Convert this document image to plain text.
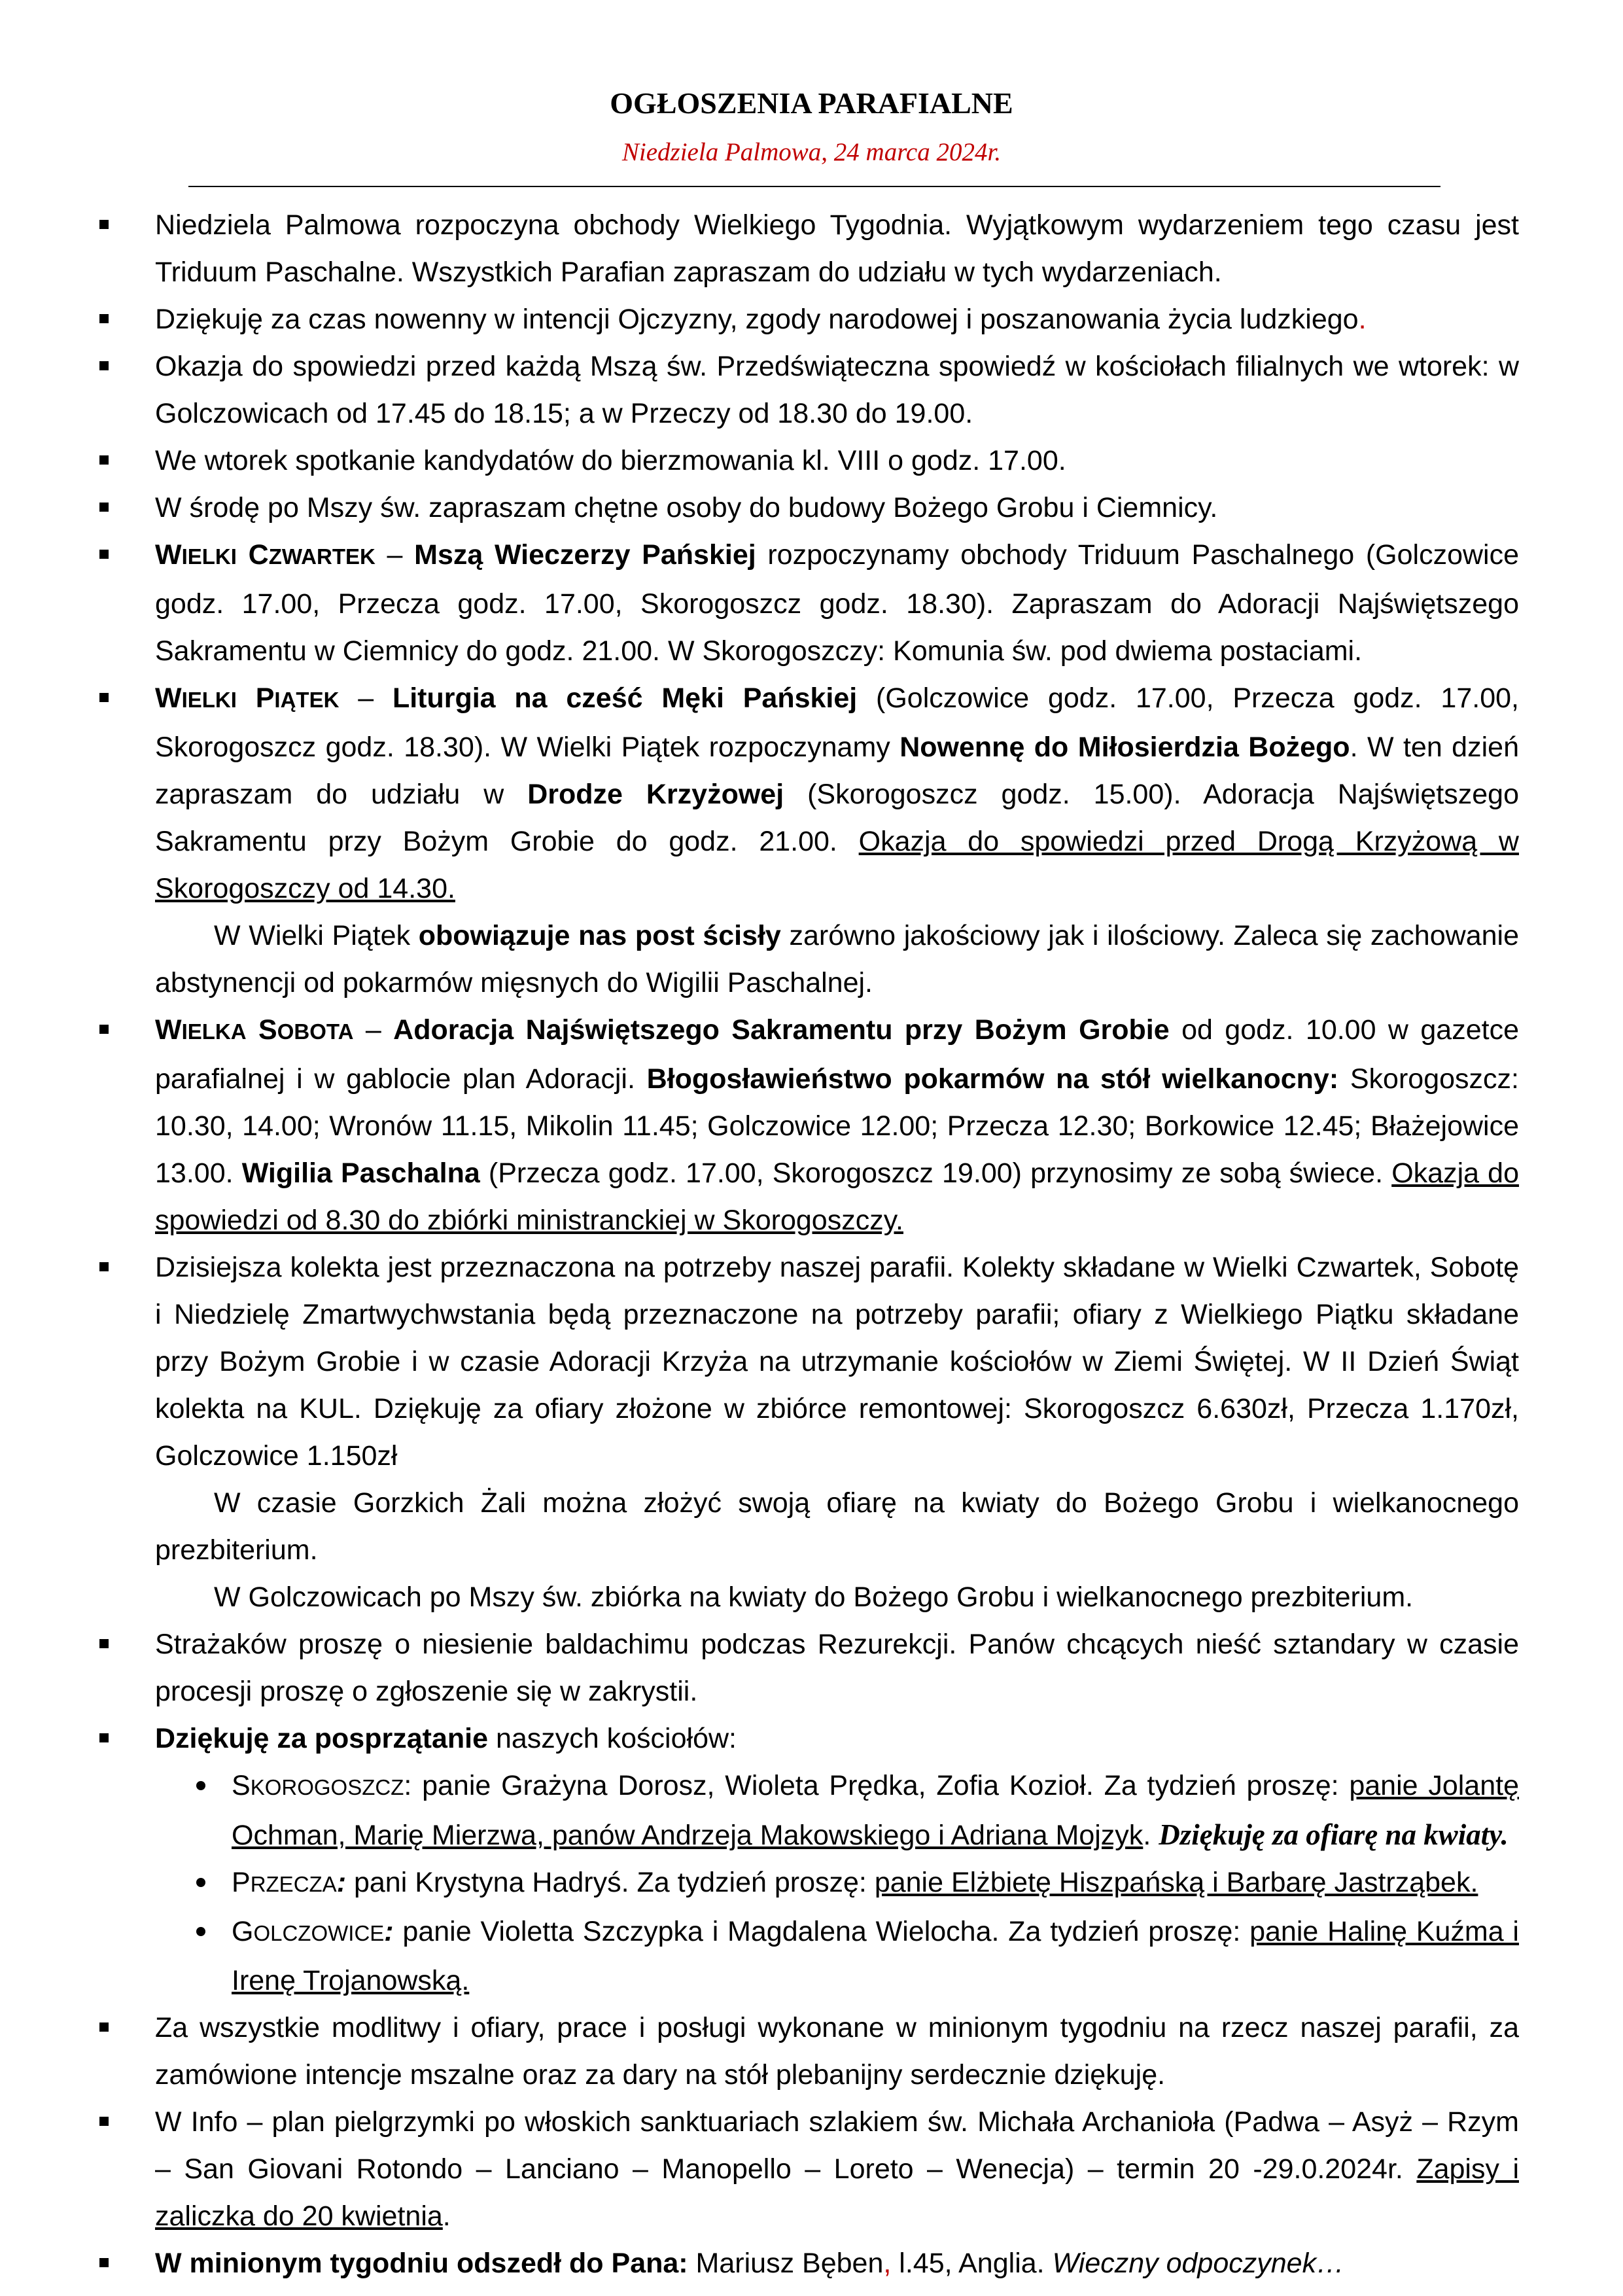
OGŁOSZENIA PARAFIALNE
Niedziela Palmowa, 24 marca 2024r.
Niedziela Palmowa rozpoczyna obchody Wielkiego Tygodnia. Wyjątkowym wydarzeniem tego czasu jest Triduum Paschalne. Wszystkich Parafian zapraszam do udziału w tych wydarzeniach.
Dziękuję za czas nowenny w intencji Ojczyzny, zgody narodowej i poszanowania życia ludzkiego.
Okazja do spowiedzi przed każdą Mszą św. Przedświąteczna spowiedź w kościołach filialnych we wtorek: w Golczowicach od 17.45 do 18.15; a w Przeczy od 18.30 do 19.00.
We wtorek spotkanie kandydatów do bierzmowania kl. VIII o godz. 17.00.
W środę po Mszy św. zapraszam chętne osoby do budowy Bożego Grobu i Ciemnicy.
WIELKI CZWARTEK – Mszą Wieczerzy Pańskiej rozpoczynamy obchody Triduum Paschalnego (Golczowice godz. 17.00, Przecza godz. 17.00, Skorogoszcz godz. 18.30). Zapraszam do Adoracji Najświętszego Sakramentu w Ciemnicy do godz. 21.00. W Skorogoszczy: Komunia św. pod dwiema postaciami.
WIELKI PIĄTEK – Liturgia na cześć Męki Pańskiej (Golczowice godz. 17.00, Przecza godz. 17.00, Skorogoszcz godz. 18.30). W Wielki Piątek rozpoczynamy Nowennę do Miłosierdzia Bożego. W ten dzień zapraszam do udziału w Drodze Krzyżowej (Skorogoszcz godz. 15.00). Adoracja Najświętszego Sakramentu przy Bożym Grobie do godz. 21.00. Okazja do spowiedzi przed Drogą Krzyżową w Skorogoszczy od 14.30.
W Wielki Piątek obowiązuje nas post ścisły zarówno jakościowy jak i ilościowy. Zaleca się zachowanie abstynencji od pokarmów mięsnych do Wigilii Paschalnej.
WIELKA SOBOTA – Adoracja Najświętszego Sakramentu przy Bożym Grobie od godz. 10.00 w gazetce parafialnej i w gablocie plan Adoracji. Błogosławieństwo pokarmów na stół wielkanocny: Skorogoszcz: 10.30, 14.00; Wronów 11.15, Mikolin 11.45; Golczowice 12.00; Przecza 12.30; Borkowice 12.45; Błażejowice 13.00. Wigilia Paschalna (Przecza godz. 17.00, Skorogoszcz 19.00) przynosimy ze sobą świece. Okazja do spowiedzi od 8.30 do zbiórki ministranckiej w Skorogoszczy.
Dzisiejsza kolekta jest przeznaczona na potrzeby naszej parafii. Kolekty składane w Wielki Czwartek, Sobotę i Niedzielę Zmartwychwstania będą przeznaczone na potrzeby parafii; ofiary z Wielkiego Piątku składane przy Bożym Grobie i w czasie Adoracji Krzyża na utrzymanie kościołów w Ziemi Świętej. W II Dzień Świąt kolekta na KUL. Dziękuję za ofiary złożone w zbiórce remontowej: Skorogoszcz 6.630zł, Przecza 1.170zł, Golczowice 1.150zł
W czasie Gorzkich Żali można złożyć swoją ofiarę na kwiaty do Bożego Grobu i wielkanocnego prezbiterium.
W Golczowicach po Mszy św. zbiórka na kwiaty do Bożego Grobu i wielkanocnego prezbiterium.
Strażaków proszę o niesienie baldachimu podczas Rezurekcji. Panów chcących nieść sztandary w czasie procesji proszę o zgłoszenie się w zakrystii.
Dziękuję za posprzątanie naszych kościołów:
SKOROGOSZCZ: panie Grażyna Dorosz, Wioleta Prędka, Zofia Kozioł. Za tydzień proszę: panie Jolantę Ochman, Marię Mierzwa, panów Andrzeja Makowskiego i Adriana Mojzyk. Dziękuję za ofiarę na kwiaty.
PRZECZA: pani Krystyna Hadryś. Za tydzień proszę: panie Elżbietę Hiszpańską i Barbarę Jastrząbek.
GOLCZOWICE: panie Violetta Szczypka i Magdalena Wielocha. Za tydzień proszę: panie Halinę Kuźma i Irenę Trojanowską.
Za wszystkie modlitwy i ofiary, prace i posługi wykonane w minionym tygodniu na rzecz naszej parafii, za zamówione intencje mszalne oraz za dary na stół plebanijny serdecznie dziękuję.
W Info – plan pielgrzymki po włoskich sanktuariach szlakiem św. Michała Archanioła (Padwa – Asyż – Rzym – San Giovani Rotondo – Lanciano – Manopello – Loreto – Wenecja) – termin 20 -29.0.2024r. Zapisy i zaliczka do 20 kwietnia.
W minionym tygodniu odszedł do Pana: Mariusz Bęben, l.45, Anglia. Wieczny odpoczynek…
